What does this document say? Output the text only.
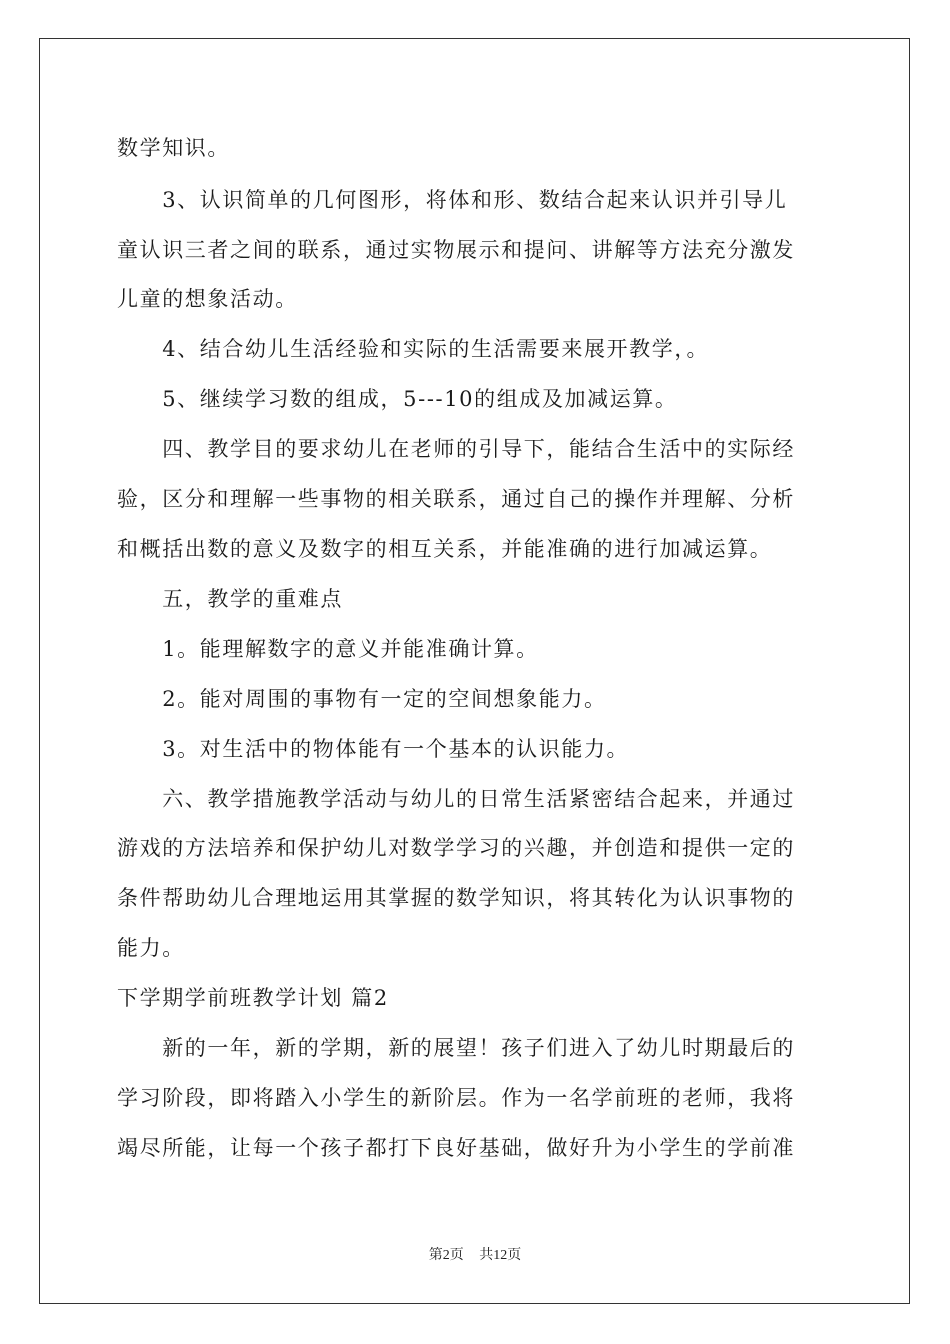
数学知识。
　　3、认识简单的几何图形，将体和形、数结合起来认识并引导儿
童认识三者之间的联系，通过实物展示和提问、讲解等方法充分激发
儿童的想象活动。
　　4、结合幼儿生活经验和实际的生活需要来展开教学，。
　　5、继续学习数的组成，5---10的组成及加减运算。
　　四、教学目的要求幼儿在老师的引导下，能结合生活中的实际经
验，区分和理解一些事物的相关联系，通过自己的操作并理解、分析
和概括出数的意义及数字的相互关系，并能准确的进行加减运算。
　　五，教学的重难点
　　1。能理解数字的意义并能准确计算。
　　2。能对周围的事物有一定的空间想象能力。
　　3。对生活中的物体能有一个基本的认识能力。
　　六、教学措施教学活动与幼儿的日常生活紧密结合起来，并通过
游戏的方法培养和保护幼儿对数学学习的兴趣，并创造和提供一定的
条件帮助幼儿合理地运用其掌握的数学知识，将其转化为认识事物的
能力。
下学期学前班教学计划 篇2
　　新的一年，新的学期，新的展望！孩子们进入了幼儿时期最后的
学习阶段，即将踏入小学生的新阶层。作为一名学前班的老师，我将
竭尽所能，让每一个孩子都打下良好基础，做好升为小学生的学前准
第2页 共12页
